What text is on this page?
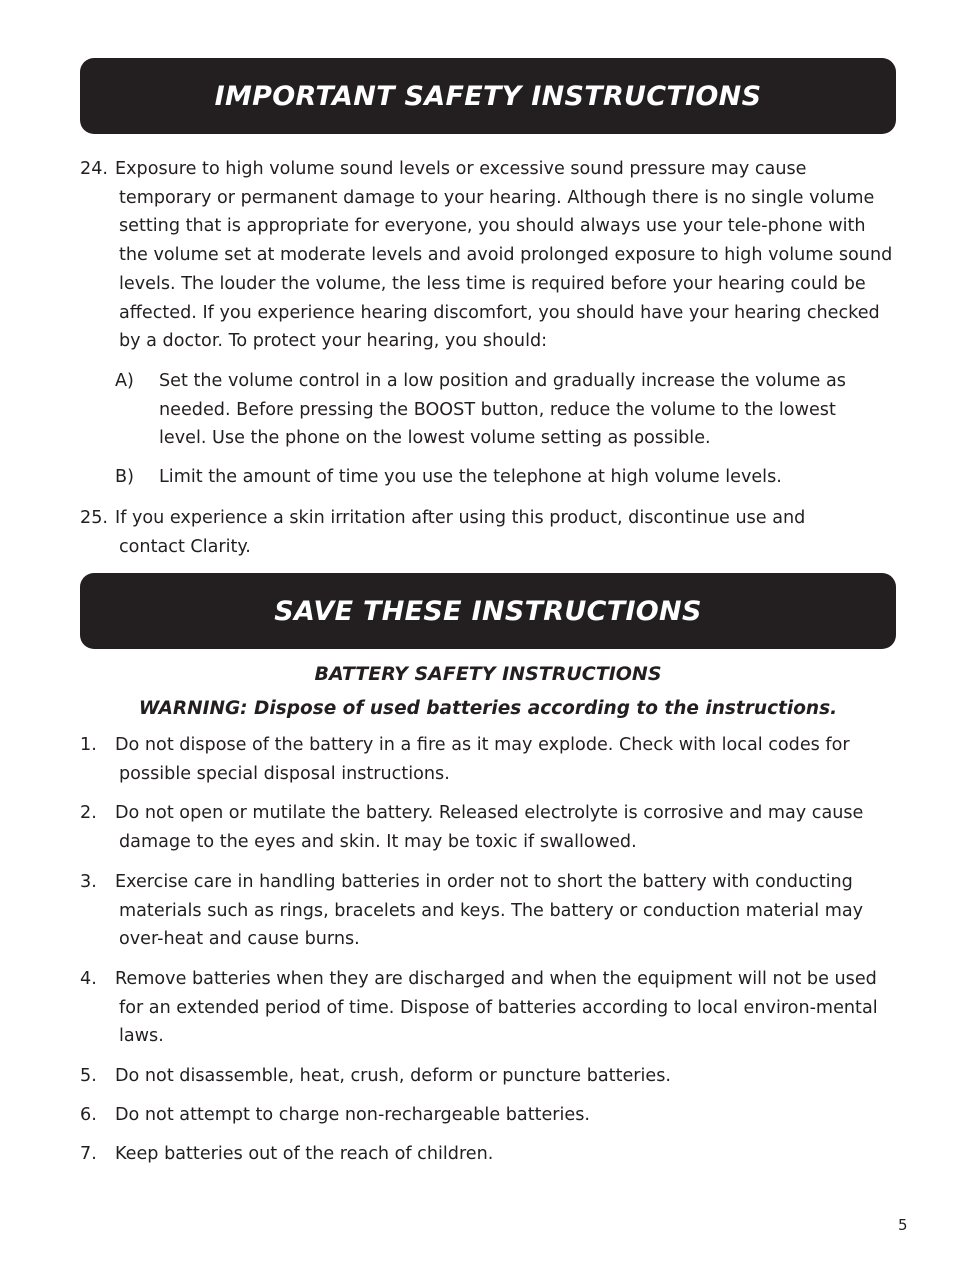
IMPORTANT SAFETY INSTRUCTIONS
24. Exposure to high volume sound levels or excessive sound pressure may cause temporary or permanent damage to your hearing. Although there is no single volume setting that is appropriate for everyone, you should always use your tele-phone with the volume set at moderate levels and avoid prolonged exposure to high volume sound levels. The louder the volume, the less time is required before your hearing could be affected. If you experience hearing discomfort, you should have your hearing checked by a doctor. To protect your hearing, you should:

A) Set the volume control in a low position and gradually increase the volume as needed. Before pressing the BOOST button, reduce the volume to the lowest level. Use the phone on the lowest volume setting as possible.

B) Limit the amount of time you use the telephone at high volume levels.

25. If you experience a skin irritation after using this product, discontinue use and contact Clarity.

SAVE THESE INSTRUCTIONS

BATTERY SAFETY INSTRUCTIONS

WARNING: Dispose of used batteries according to the instructions.

1. Do not dispose of the battery in a fire as it may explode. Check with local codes for possible special disposal instructions.

2. Do not open or mutilate the battery. Released electrolyte is corrosive and may cause damage to the eyes and skin. It may be toxic if swallowed.

3. Exercise care in handling batteries in order not to short the battery with conducting materials such as rings, bracelets and keys. The battery or conduction material may over-heat and cause burns.

4. Remove batteries when they are discharged and when the equipment will not be used for an extended period of time. Dispose of batteries according to local environ-mental laws.

5. Do not disassemble, heat, crush, deform or puncture batteries.

6. Do not attempt to charge non-rechargeable batteries.

7. Keep batteries out of the reach of children.

5
